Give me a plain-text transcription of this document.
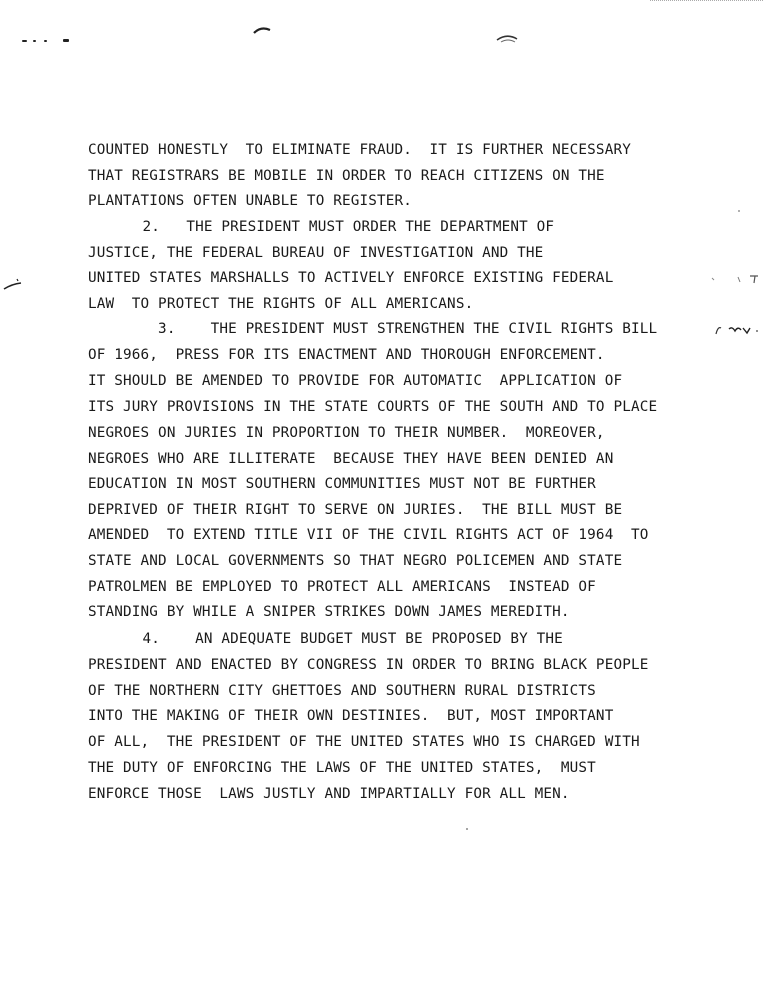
COUNTED HONESTLY  TO ELIMINATE FRAUD.  IT IS FURTHER NECESSARY
THAT REGISTRARS BE MOBILE IN ORDER TO REACH CITIZENS ON THE
PLANTATIONS OFTEN UNABLE TO REGISTER.
2.   THE PRESIDENT MUST ORDER THE DEPARTMENT OF
JUSTICE, THE FEDERAL BUREAU OF INVESTIGATION AND THE
UNITED STATES MARSHALLS TO ACTIVELY ENFORCE EXISTING FEDERAL
LAW  TO PROTECT THE RIGHTS OF ALL AMERICANS.
3.    THE PRESIDENT MUST STRENGTHEN THE CIVIL RIGHTS BILL
OF 1966,  PRESS FOR ITS ENACTMENT AND THOROUGH ENFORCEMENT.
IT SHOULD BE AMENDED TO PROVIDE FOR AUTOMATIC  APPLICATION OF
ITS JURY PROVISIONS IN THE STATE COURTS OF THE SOUTH AND TO PLACE
NEGROES ON JURIES IN PROPORTION TO THEIR NUMBER.  MOREOVER,
NEGROES WHO ARE ILLITERATE  BECAUSE THEY HAVE BEEN DENIED AN
EDUCATION IN MOST SOUTHERN COMMUNITIES MUST NOT BE FURTHER
DEPRIVED OF THEIR RIGHT TO SERVE ON JURIES.  THE BILL MUST BE
AMENDED  TO EXTEND TITLE VII OF THE CIVIL RIGHTS ACT OF 1964  TO
STATE AND LOCAL GOVERNMENTS SO THAT NEGRO POLICEMEN AND STATE
PATROLMEN BE EMPLOYED TO PROTECT ALL AMERICANS  INSTEAD OF
STANDING BY WHILE A SNIPER STRIKES DOWN JAMES MEREDITH.
4.    AN ADEQUATE BUDGET MUST BE PROPOSED BY THE
PRESIDENT AND ENACTED BY CONGRESS IN ORDER TO BRING BLACK PEOPLE
OF THE NORTHERN CITY GHETTOES AND SOUTHERN RURAL DISTRICTS
INTO THE MAKING OF THEIR OWN DESTINIES.  BUT, MOST IMPORTANT
OF ALL,  THE PRESIDENT OF THE UNITED STATES WHO IS CHARGED WITH
THE DUTY OF ENFORCING THE LAWS OF THE UNITED STATES,  MUST
ENFORCE THOSE  LAWS JUSTLY AND IMPARTIALLY FOR ALL MEN.
